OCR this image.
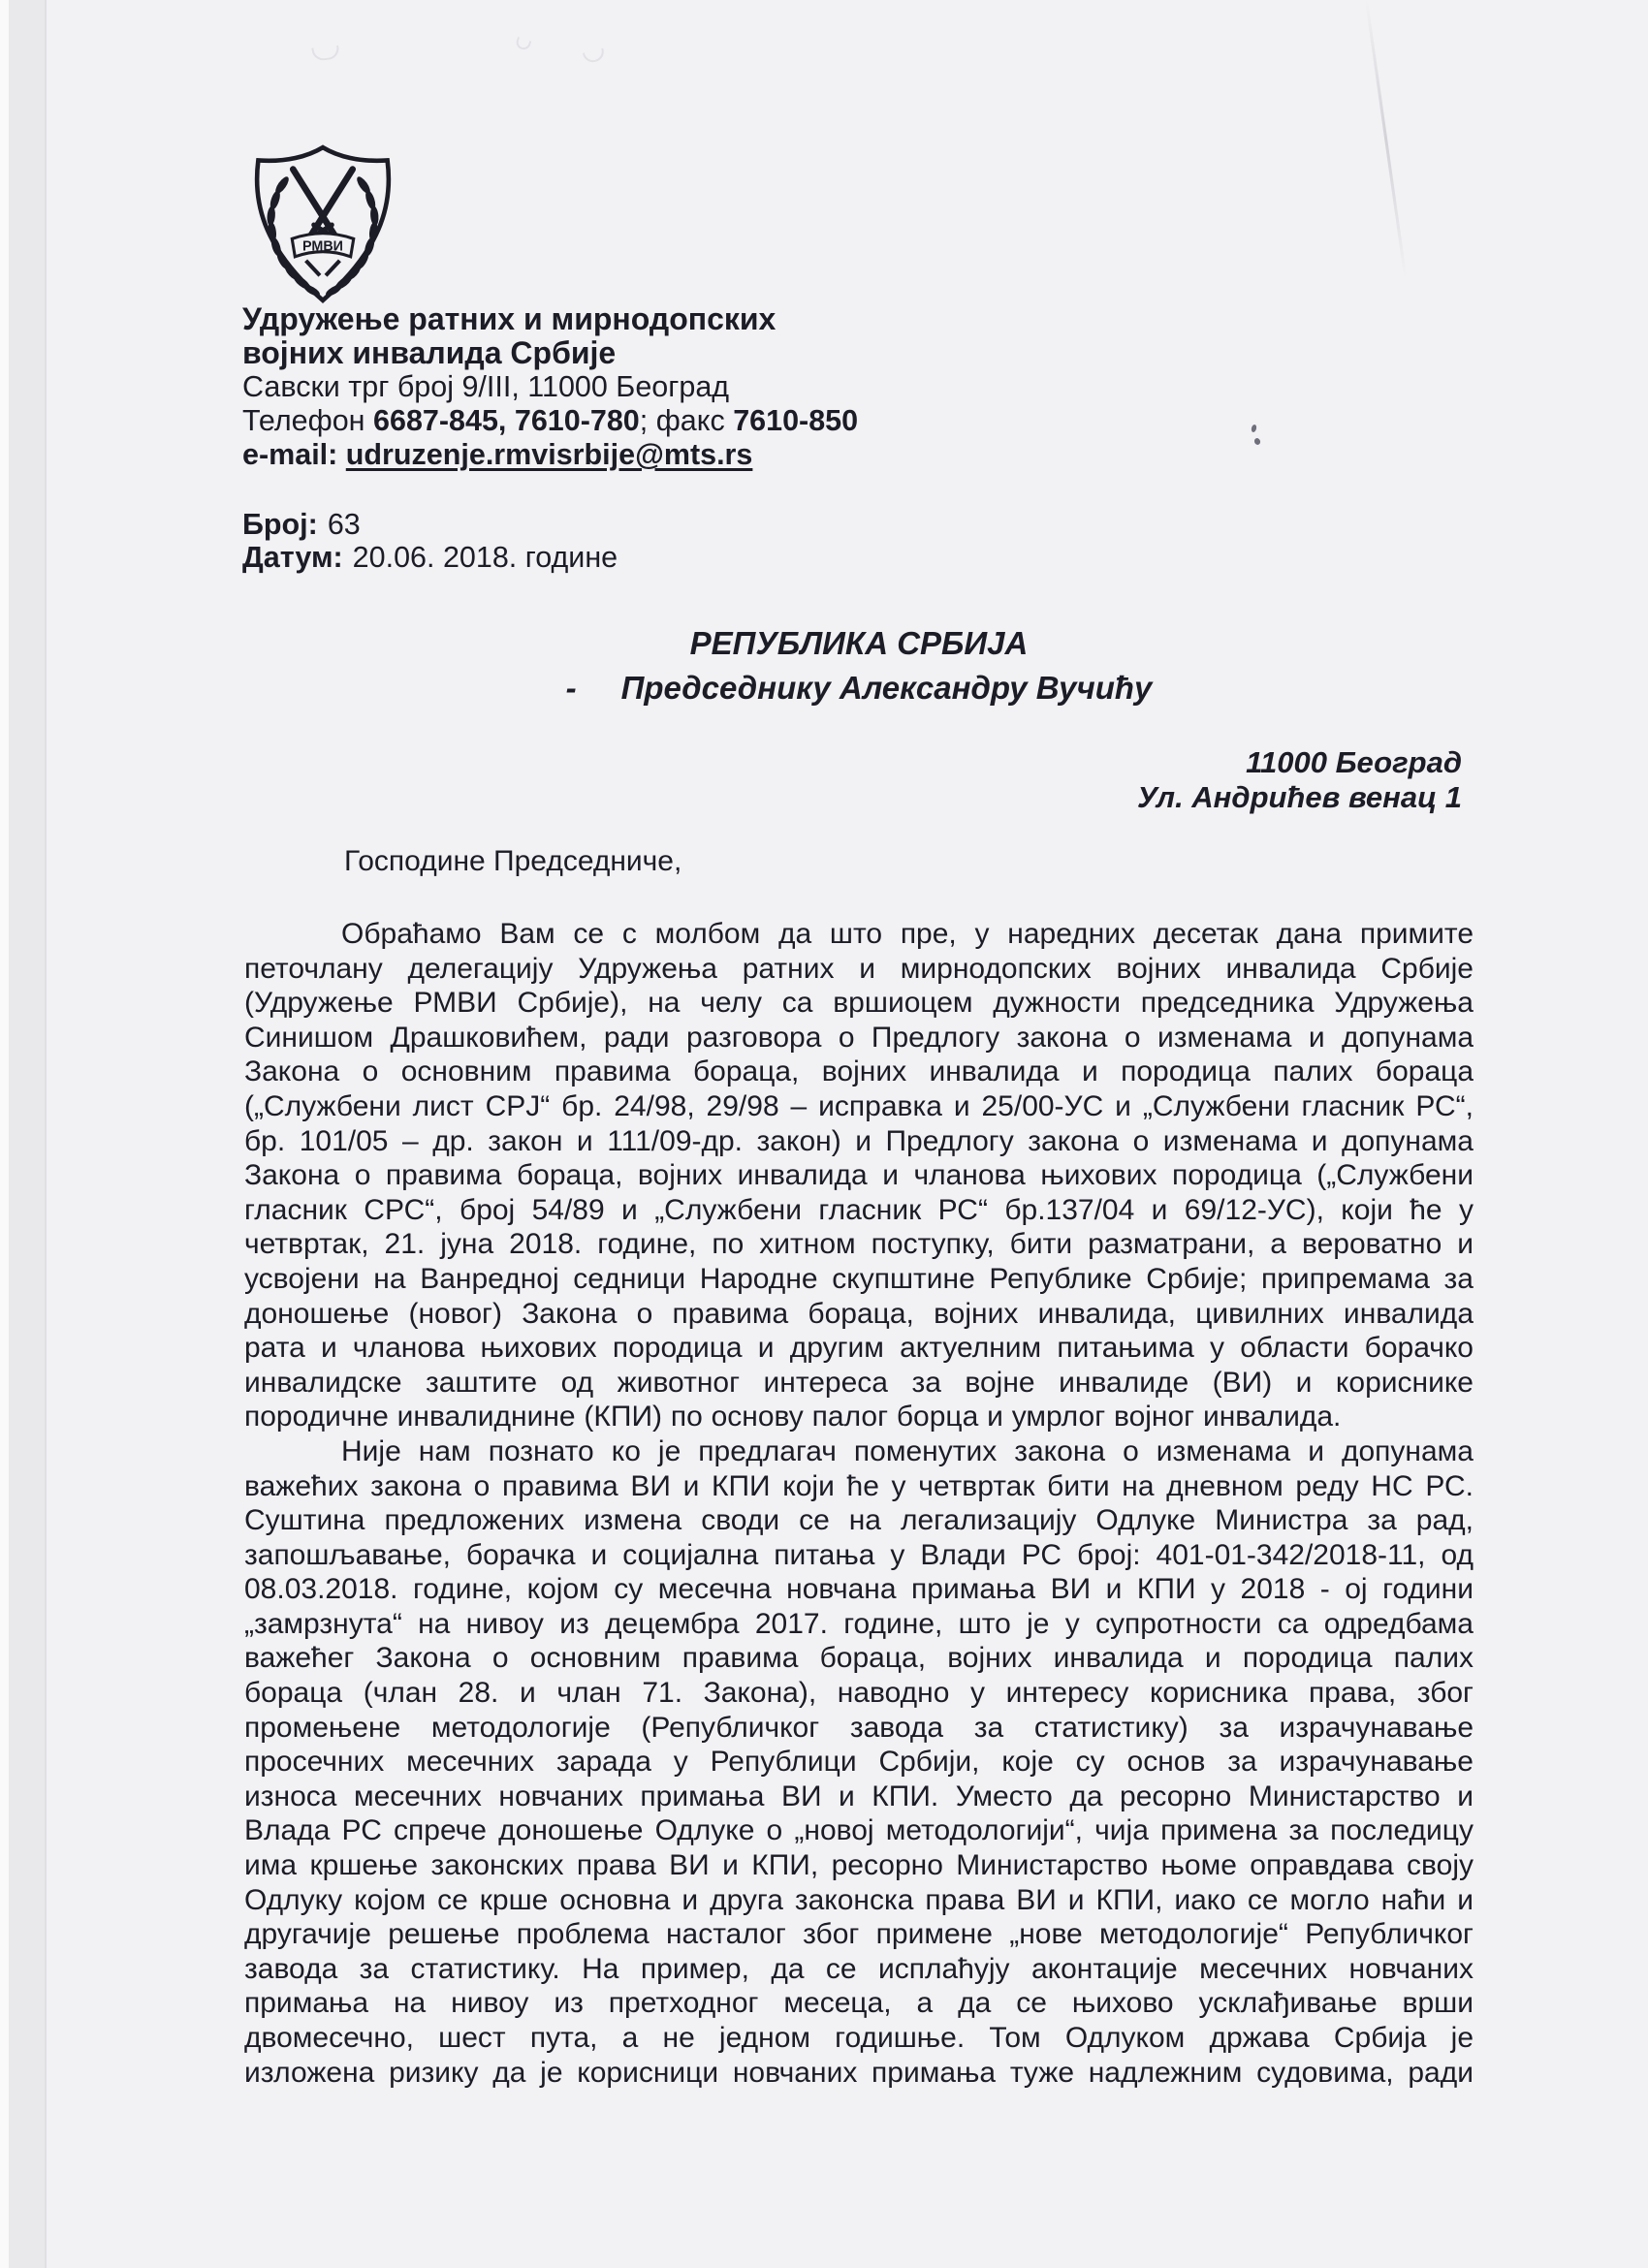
РМВИ
Удружење ратних и мирнодопских
војних инвалида Србије
Савски трг број 9/III, 11000 Београд
Телефон 6687-845, 7610-780; факс 7610-850
e-mail: udruzenje.rmvisrbije@mts.rs
Број: 63
Датум: 20.06. 2018. године
РЕПУБЛИКА СРБИЈА
- Председнику Александру Вучићу
11000 Београд
Ул. Андрићев венац 1
Господине Председниче,
Обраћамо Вам се с молбом да што пре, у наредних десетак дана примите
петочлану делегацију Удружења ратних и мирнодопских војних инвалида Србије
(Удружење РМВИ Србије), на челу са вршиоцем дужности председника Удружења
Синишом Драшковићем, ради разговора о Предлогу закона о изменама и допунама
Закона о основним правима бораца, војних инвалида и породица палих бораца
(„Службени лист СРЈ“ бр. 24/98, 29/98 – исправка и 25/00-УС и „Службени гласник РС“,
бр. 101/05 – др. закон и 111/09-др. закон) и Предлогу закона о изменама и допунама
Закона о правима бораца, војних инвалида и чланова њихових породица („Службени
гласник СРС“, број 54/89 и „Службени гласник РС“ бр.137/04 и 69/12-УС), који ће у
четвртак, 21. јуна 2018. године, по хитном поступку, бити разматрани, а вероватно и
усвојени на Ванредној седници Народне скупштине Републике Србије; припремама за
доношење (новог) Закона о правима бораца, војних инвалида, цивилних инвалида
рата и чланова њихових породица и другим актуелним питањима у области борачко
инвалидске заштите од животног интереса за војне инвалиде (ВИ) и кориснике
породичне инвалиднине (КПИ) по основу палог борца и умрлог војног инвалида.
Није нам познато ко је предлагач поменутих закона о изменама и допунама
важећих закона о правима ВИ и КПИ који ће у четвртак бити на дневном реду НС РС.
Суштина предложених измена своди се на легализацију Одлуке Министра за рад,
запошљавање, борачка и социјална питања у Влади РС број: 401-01-342/2018-11, од
08.03.2018. године, којом су месечна новчана примања ВИ и КПИ у 2018 - ој години
„замрзнута“ на нивоу из децембра 2017. године, што је у супротности са одредбама
важећег Закона о основним правима бораца, војних инвалида и породица палих
бораца (члан 28. и члан 71. Закона), наводно у интересу корисника права, због
промењене методологије (Републичког завода за статистику) за израчунавање
просечних месечних зарада у Републици Србији, које су основ за израчунавање
износа месечних новчаних примања ВИ и КПИ. Уместо да ресорно Министарство и
Влада РС спрече доношење Одлуке о „новој методологији“, чија примена за последицу
има кршење законских права ВИ и КПИ, ресорно Министарство њоме оправдава своју
Одлуку којом се крше основна и друга законска права ВИ и КПИ, иако се могло наћи и
другачије решење проблема насталог због примене „нове методологије“ Републичког
завода за статистику. На пример, да се исплаћују аконтације месечних новчаних
примања на нивоу из претходног месеца, а да се њихово усклађивање врши
двомесечно, шест пута, а не једном годишње. Том Одлуком држава Србија је
изложена ризику да је корисници новчаних примања туже надлежним судовима, ради
